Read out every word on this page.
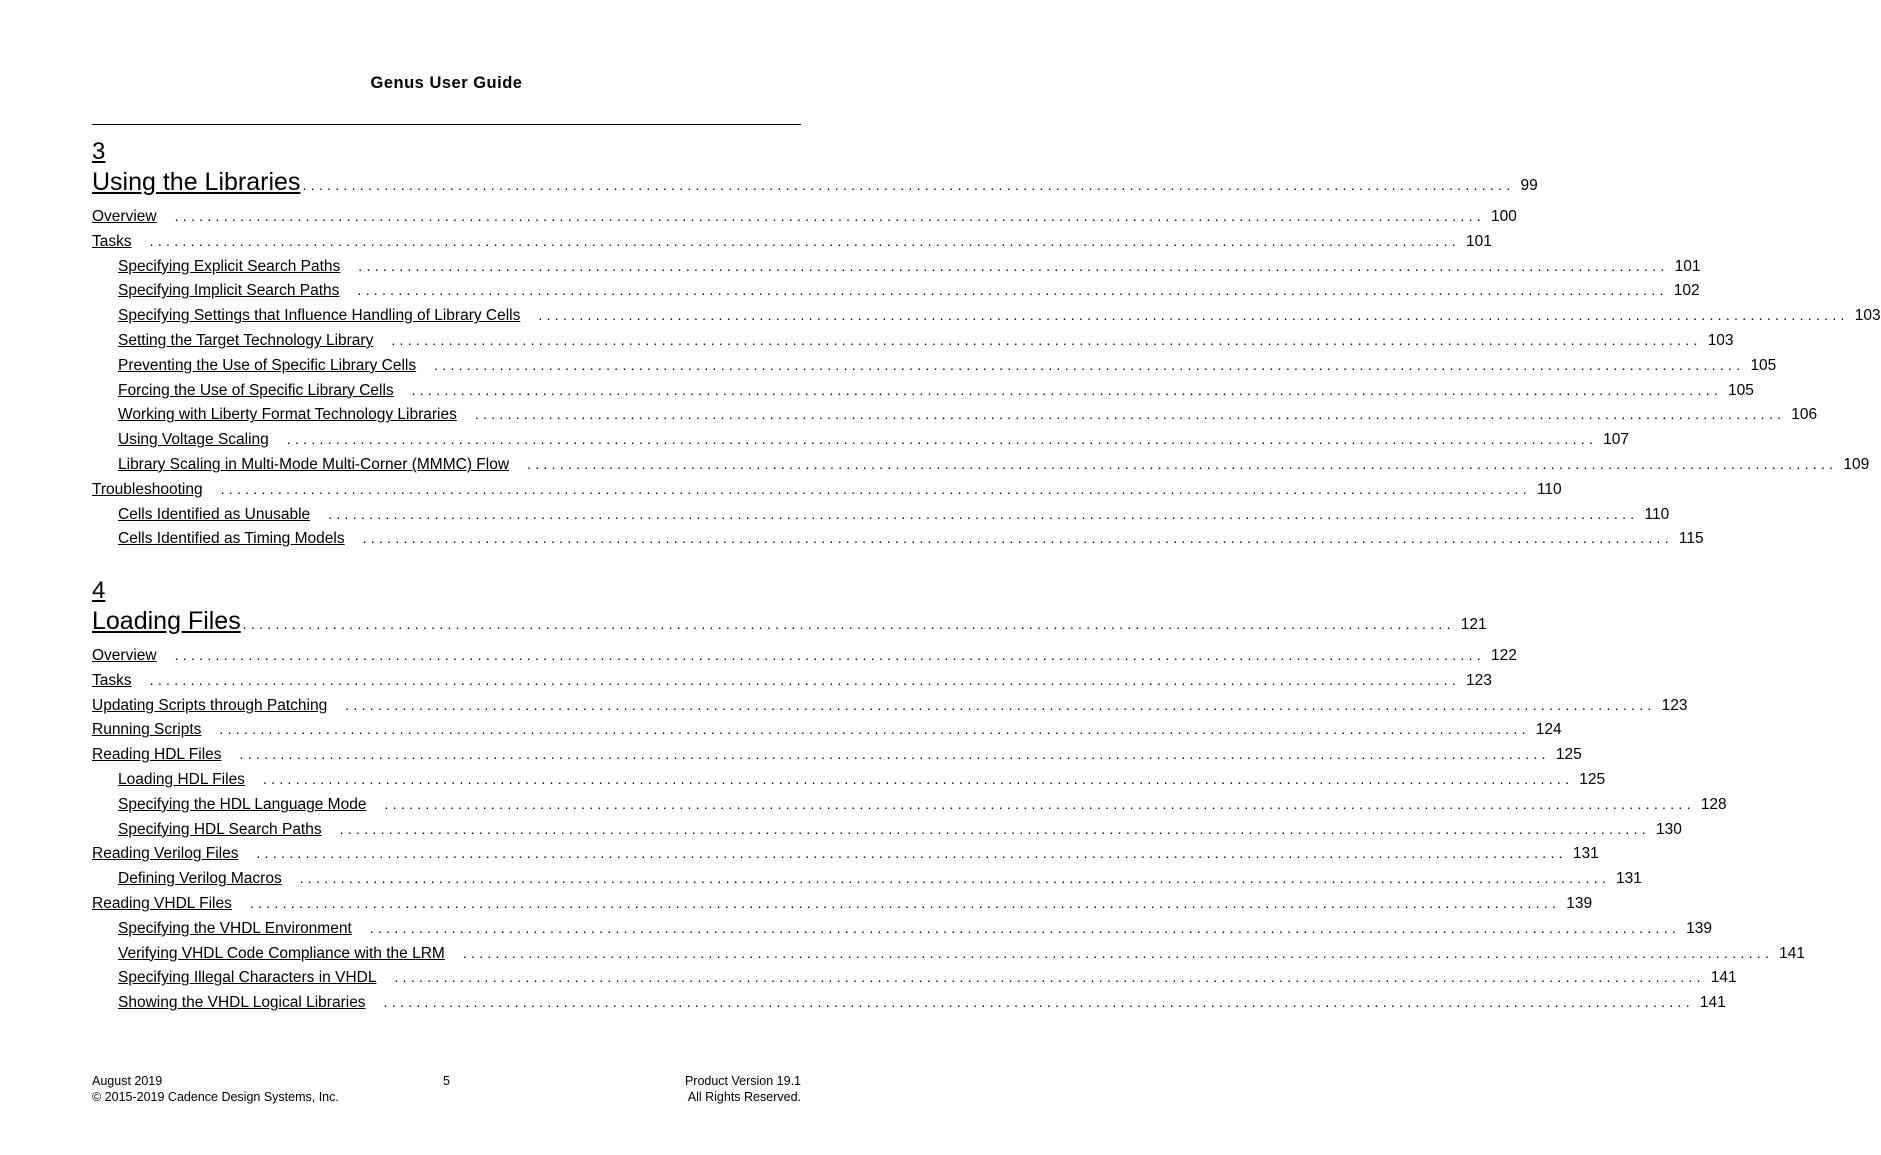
Genus User Guide
3
Using the Libraries .................................................................................................................................................... 99
Overview ................................................................................................................................................................ 100
Tasks ................................................................................................................................................................ 101
Specifying Explicit Search Paths ................................................................................................................................................................ 101
Specifying Implicit Search Paths ................................................................................................................................................................ 102
Specifying Settings that Influence Handling of Library Cells ................................................................................................................................................................ 103
Setting the Target Technology Library ................................................................................................................................................................ 103
Preventing the Use of Specific Library Cells ................................................................................................................................................................ 105
Forcing the Use of Specific Library Cells ................................................................................................................................................................ 105
Working with Liberty Format Technology Libraries ................................................................................................................................................................ 106
Using Voltage Scaling ................................................................................................................................................................ 107
Library Scaling in Multi-Mode Multi-Corner (MMMC) Flow ................................................................................................................................................................ 109
Troubleshooting ................................................................................................................................................................ 110
Cells Identified as Unusable ................................................................................................................................................................ 110
Cells Identified as Timing Models ................................................................................................................................................................ 115
4
Loading Files .................................................................................................................................................... 121
Overview ................................................................................................................................................................ 122
Tasks ................................................................................................................................................................ 123
Updating Scripts through Patching ................................................................................................................................................................ 123
Running Scripts ................................................................................................................................................................ 124
Reading HDL Files ................................................................................................................................................................ 125
Loading HDL Files ................................................................................................................................................................ 125
Specifying the HDL Language Mode ................................................................................................................................................................ 128
Specifying HDL Search Paths ................................................................................................................................................................ 130
Reading Verilog Files ................................................................................................................................................................ 131
Defining Verilog Macros ................................................................................................................................................................ 131
Reading VHDL Files ................................................................................................................................................................ 139
Specifying the VHDL Environment ................................................................................................................................................................ 139
Verifying VHDL Code Compliance with the LRM ................................................................................................................................................................ 141
Specifying Illegal Characters in VHDL ................................................................................................................................................................ 141
Showing the VHDL Logical Libraries ................................................................................................................................................................ 141
5
August 2019	Product Version 19.1
© 2015-2019 Cadence Design Systems, Inc.	All Rights Reserved.
